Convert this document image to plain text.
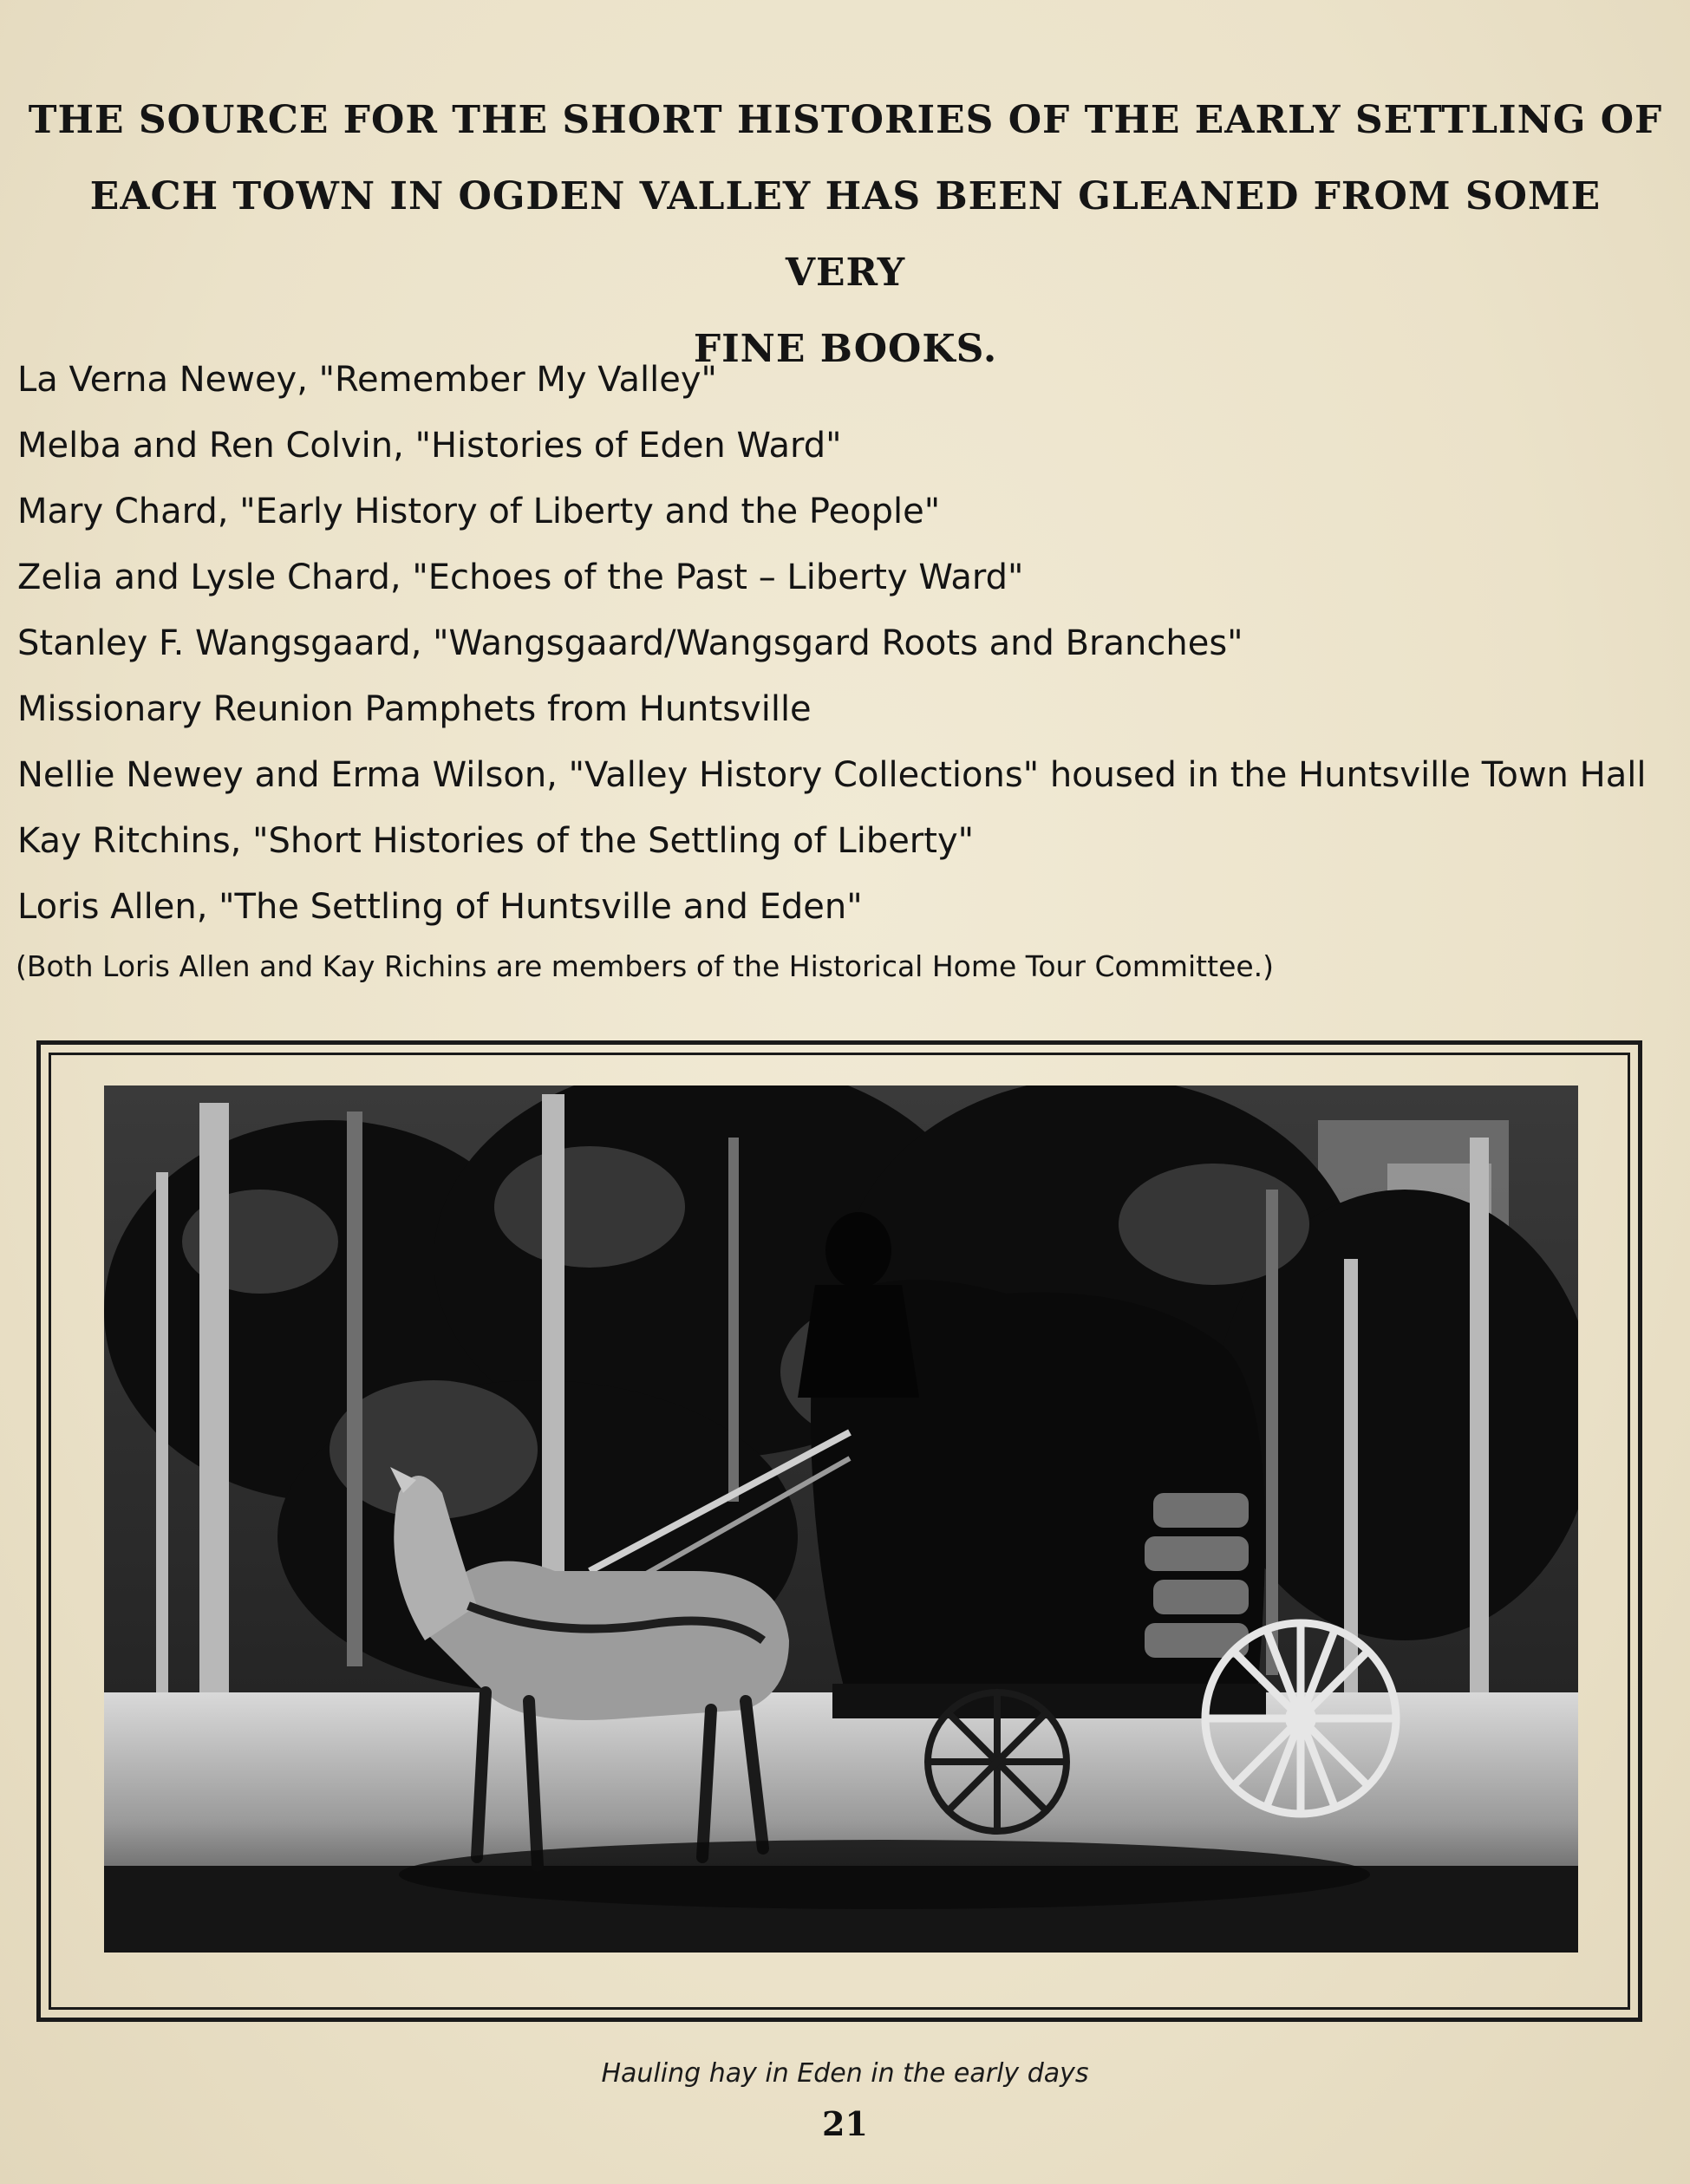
THE SOURCE FOR THE SHORT HISTORIES OF THE EARLY SETTLING OF
EACH TOWN IN OGDEN VALLEY HAS BEEN GLEANED FROM SOME VERY
FINE BOOKS.
La Verna Newey, "Remember My Valley"
Melba and Ren Colvin, "Histories of Eden Ward"
Mary Chard, "Early History of Liberty and the People"
Zelia and Lysle Chard, "Echoes of the Past – Liberty Ward"
Stanley F. Wangsgaard, "Wangsgaard/Wangsgard Roots and Branches"
Missionary Reunion Pamphets from Huntsville
Nellie Newey and Erma Wilson, "Valley History Collections" housed in the Huntsville Town Hall
Kay Ritchins, "Short Histories of the Settling of Liberty"
Loris Allen, "The Settling of Huntsville and Eden"
(Both Loris Allen and Kay Richins are members of the Historical Home Tour Committee.)
Hauling hay in Eden in the early days
21
